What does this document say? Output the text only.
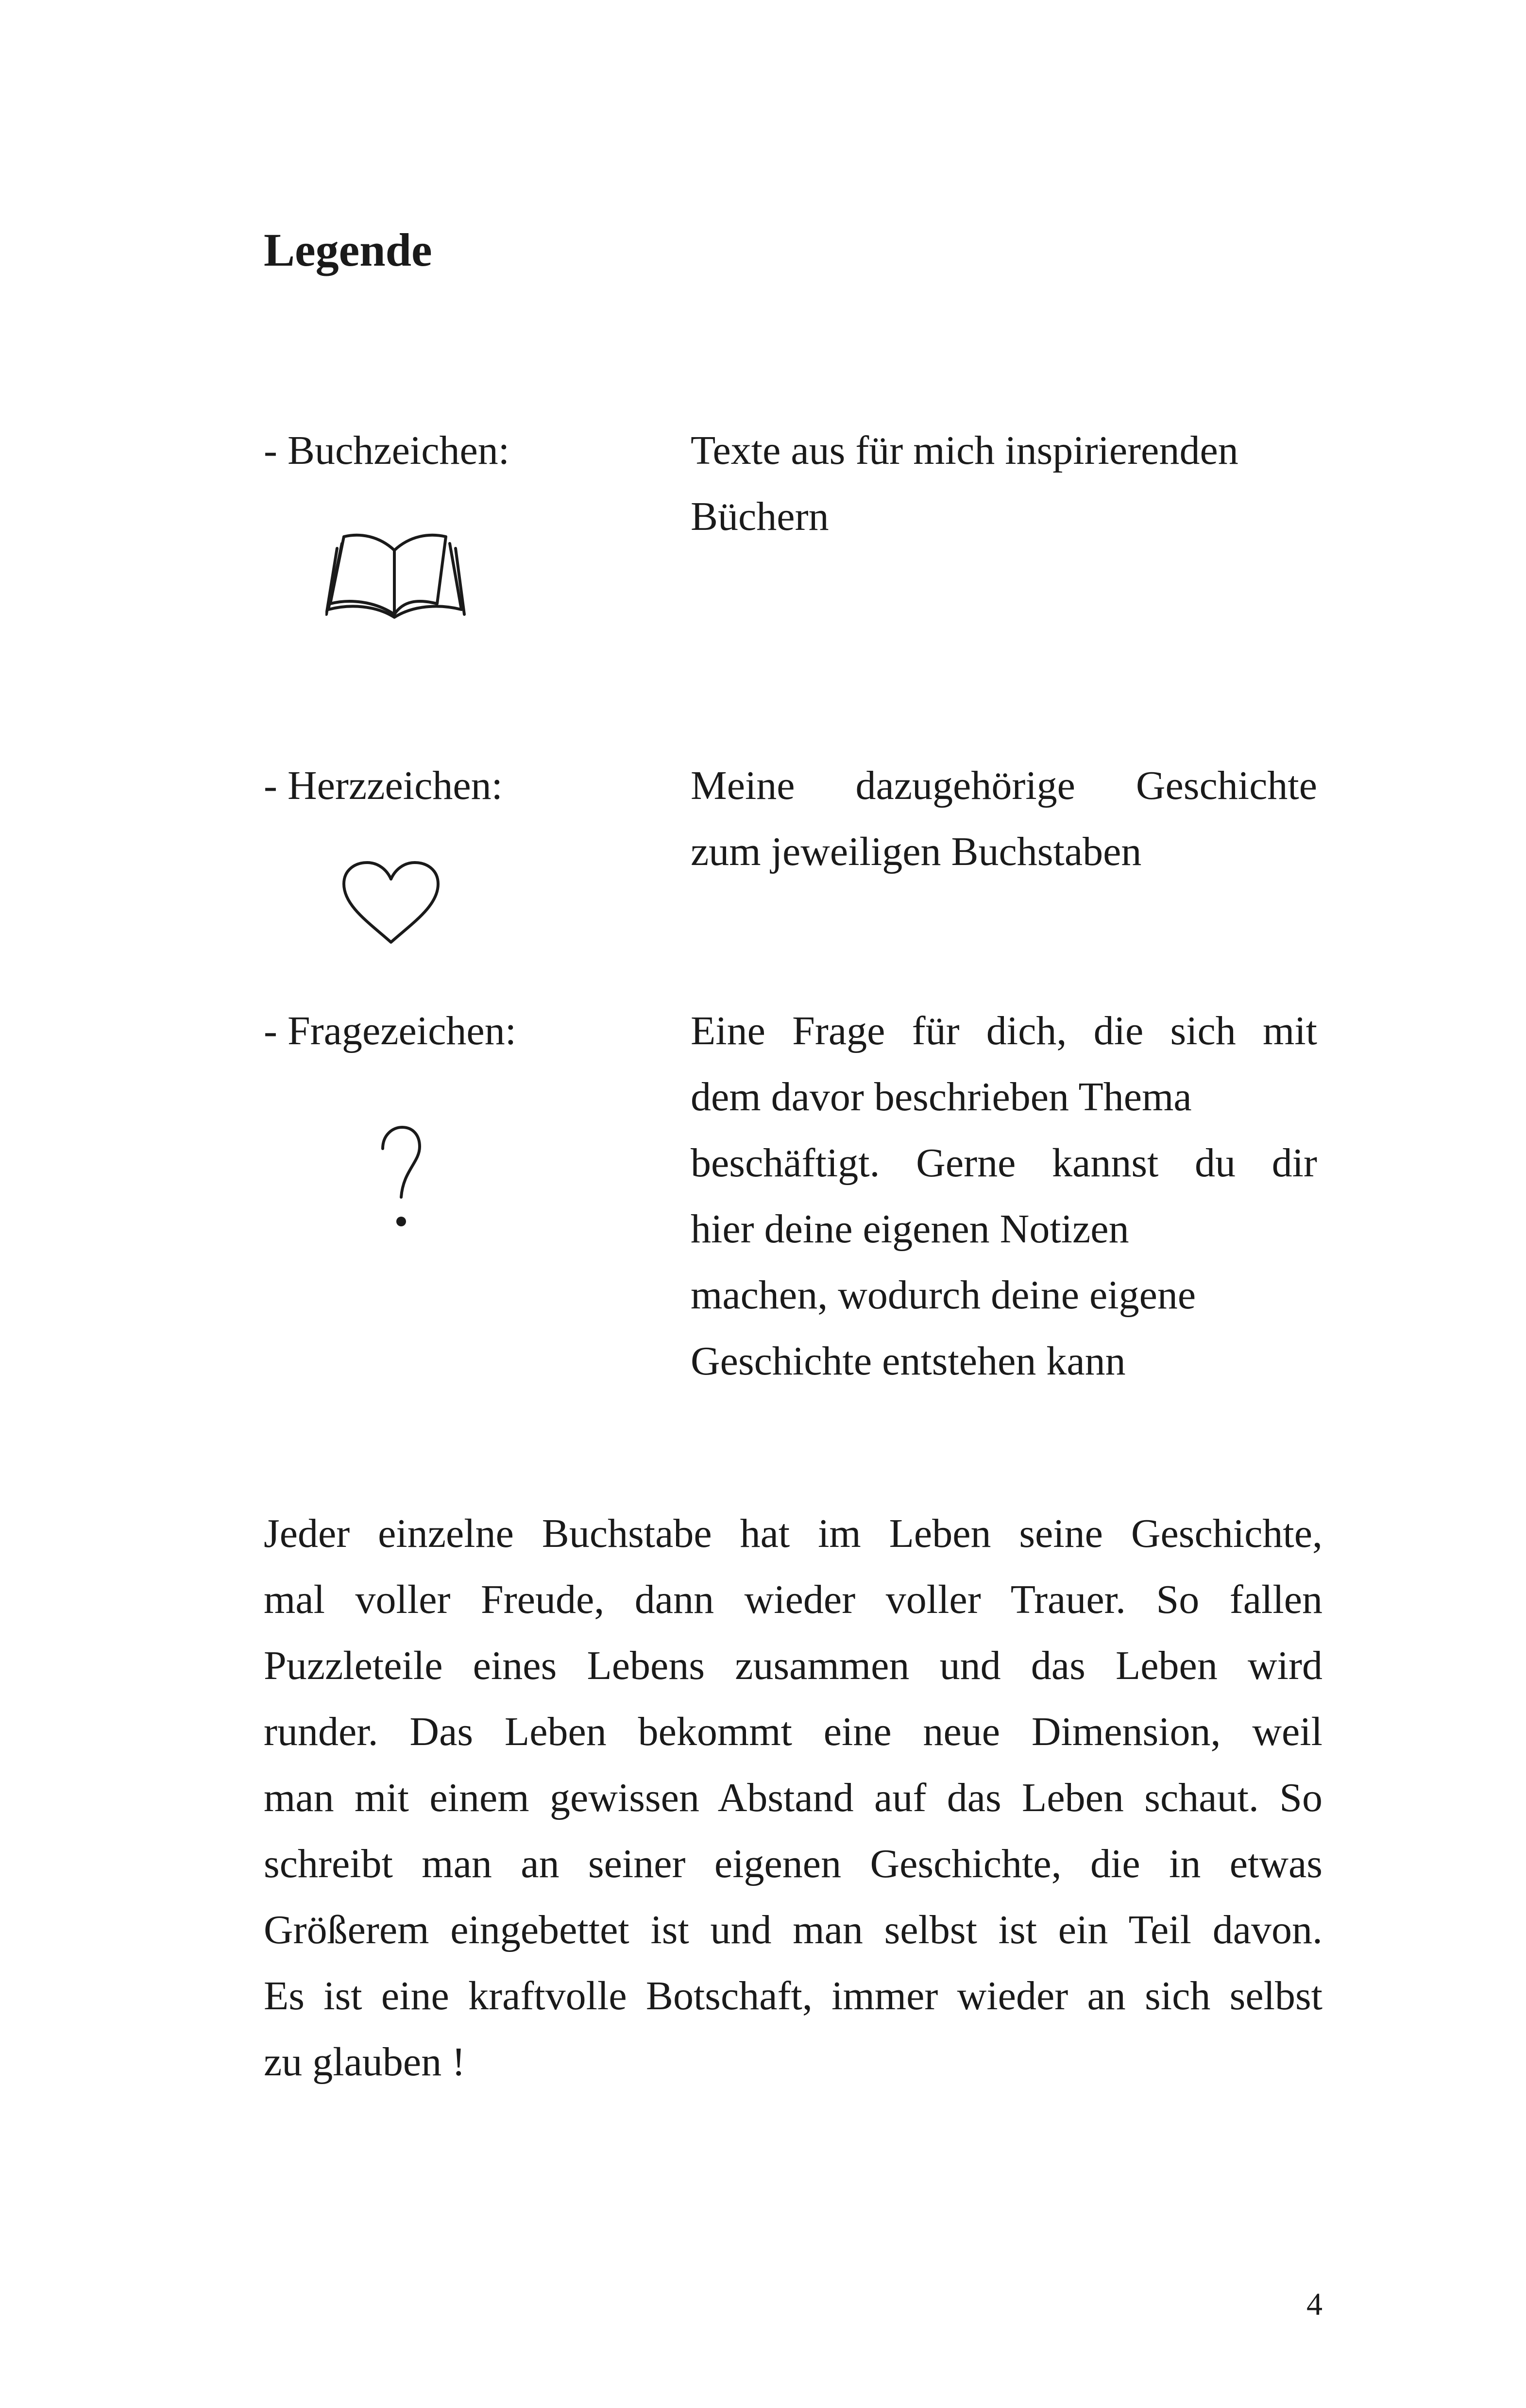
Legende
- Buchzeichen:	Texte aus für mich inspirierenden
Büchern
- Herzzeichen:	Meine dazugehörige Geschichte
zum jeweiligen Buchstaben
- Fragezeichen:	Eine Frage für dich, die sich mit
dem davor beschrieben Thema
beschäftigt. Gerne kannst du dir
hier deine eigenen Notizen
machen, wodurch deine eigene
Geschichte entstehen kann
Jeder einzelne Buchstabe hat im Leben seine Geschichte,
mal voller Freude, dann wieder voller Trauer. So fallen
Puzzleteile eines Lebens zusammen und das Leben wird
runder. Das Leben bekommt eine neue Dimension, weil
man mit einem gewissen Abstand auf das Leben schaut. So
schreibt man an seiner eigenen Geschichte, die in etwas
Größerem eingebettet ist und man selbst ist ein Teil davon.
Es ist eine kraftvolle Botschaft, immer wieder an sich selbst
zu glauben !
4
